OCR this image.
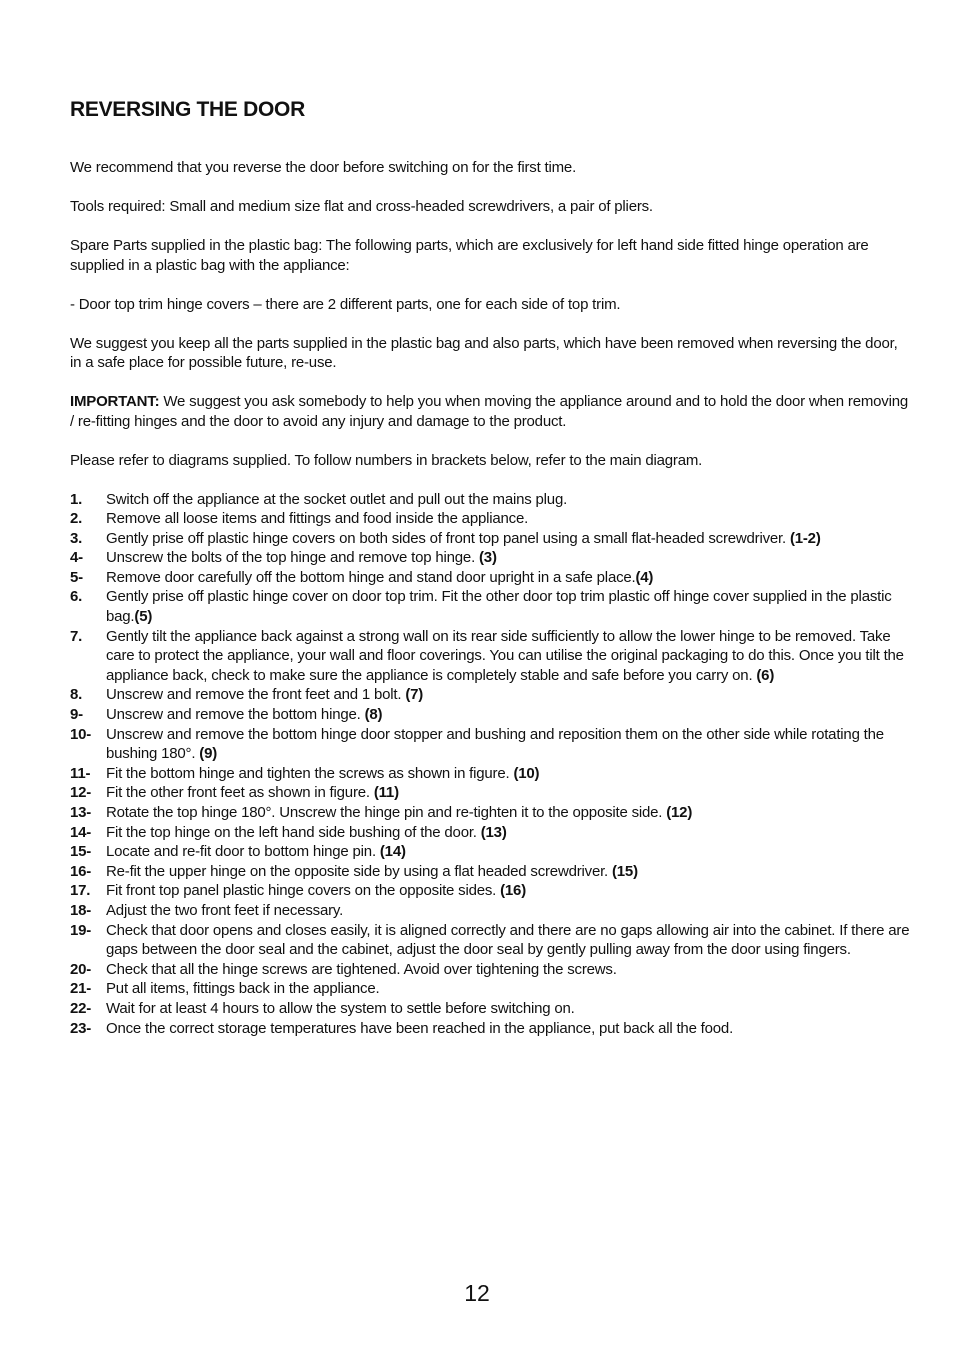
REVERSING THE DOOR

We recommend that you reverse the door before switching on for the first time.

Tools required: Small and medium size flat and cross-headed screwdrivers, a pair of pliers.

Spare Parts supplied in the plastic bag: The following parts, which are exclusively for left hand side fitted hinge operation are supplied in a plastic bag with the appliance:

- Door top trim hinge covers – there are 2 different parts, one for each side of top trim.

We suggest you keep all the parts supplied in the plastic bag and also parts, which have been removed when reversing the door, in a safe place for possible future, re-use.

IMPORTANT: We suggest you ask somebody to help you when moving the appliance around and to hold the door when removing / re-fitting hinges and the door to avoid any injury and damage to the product.

Please refer to diagrams supplied. To follow numbers in brackets below, refer to the main diagram.

1. Switch off the appliance at the socket outlet and pull out the mains plug.
2. Remove all loose items and fittings and food inside the appliance.
3. Gently prise off plastic hinge covers on both sides of front top panel using a small flat-headed screwdriver. (1-2)
4- Unscrew the bolts of the top hinge and remove top hinge. (3)
5- Remove door carefully off the bottom hinge and stand door upright in a safe place.(4)
6. Gently prise off plastic hinge cover on door top trim. Fit the other door top trim plastic off hinge cover supplied in the plastic bag.(5)
7. Gently tilt the appliance back against a strong wall on its rear side sufficiently to allow the lower hinge to be removed. Take care to protect the appliance, your wall and floor coverings. You can utilise the original packaging to do this. Once you tilt the appliance back, check to make sure the appliance is completely stable and safe before you carry on. (6)
8. Unscrew and remove the front feet and 1 bolt. (7)
9- Unscrew and remove the bottom hinge. (8)
10- Unscrew and remove the bottom hinge door stopper and bushing and reposition them on the other side while rotating the bushing 180°. (9)
11- Fit the bottom hinge and tighten the screws as shown in figure. (10)
12- Fit the other front feet as shown in figure. (11)
13- Rotate the top hinge 180°. Unscrew the hinge pin and re-tighten it to the opposite side. (12)
14- Fit the top hinge on the left hand side bushing of the door. (13)
15- Locate and re-fit door to bottom hinge pin. (14)
16- Re-fit the upper hinge on the opposite side by using a flat headed screwdriver. (15)
17. Fit front top panel plastic hinge covers on the opposite sides. (16)
18- Adjust the two front feet if necessary.
19- Check that door opens and closes easily, it is aligned correctly and there are no gaps allowing air into the cabinet. If there are gaps between the door seal and the cabinet, adjust the door seal by gently pulling away from the door using fingers.
20- Check that all the hinge screws are tightened. Avoid over tightening the screws.
21- Put all items, fittings back in the appliance.
22- Wait for at least 4 hours to allow the system to settle before switching on.
23- Once the correct storage temperatures have been reached in the appliance, put back all the food.
12
